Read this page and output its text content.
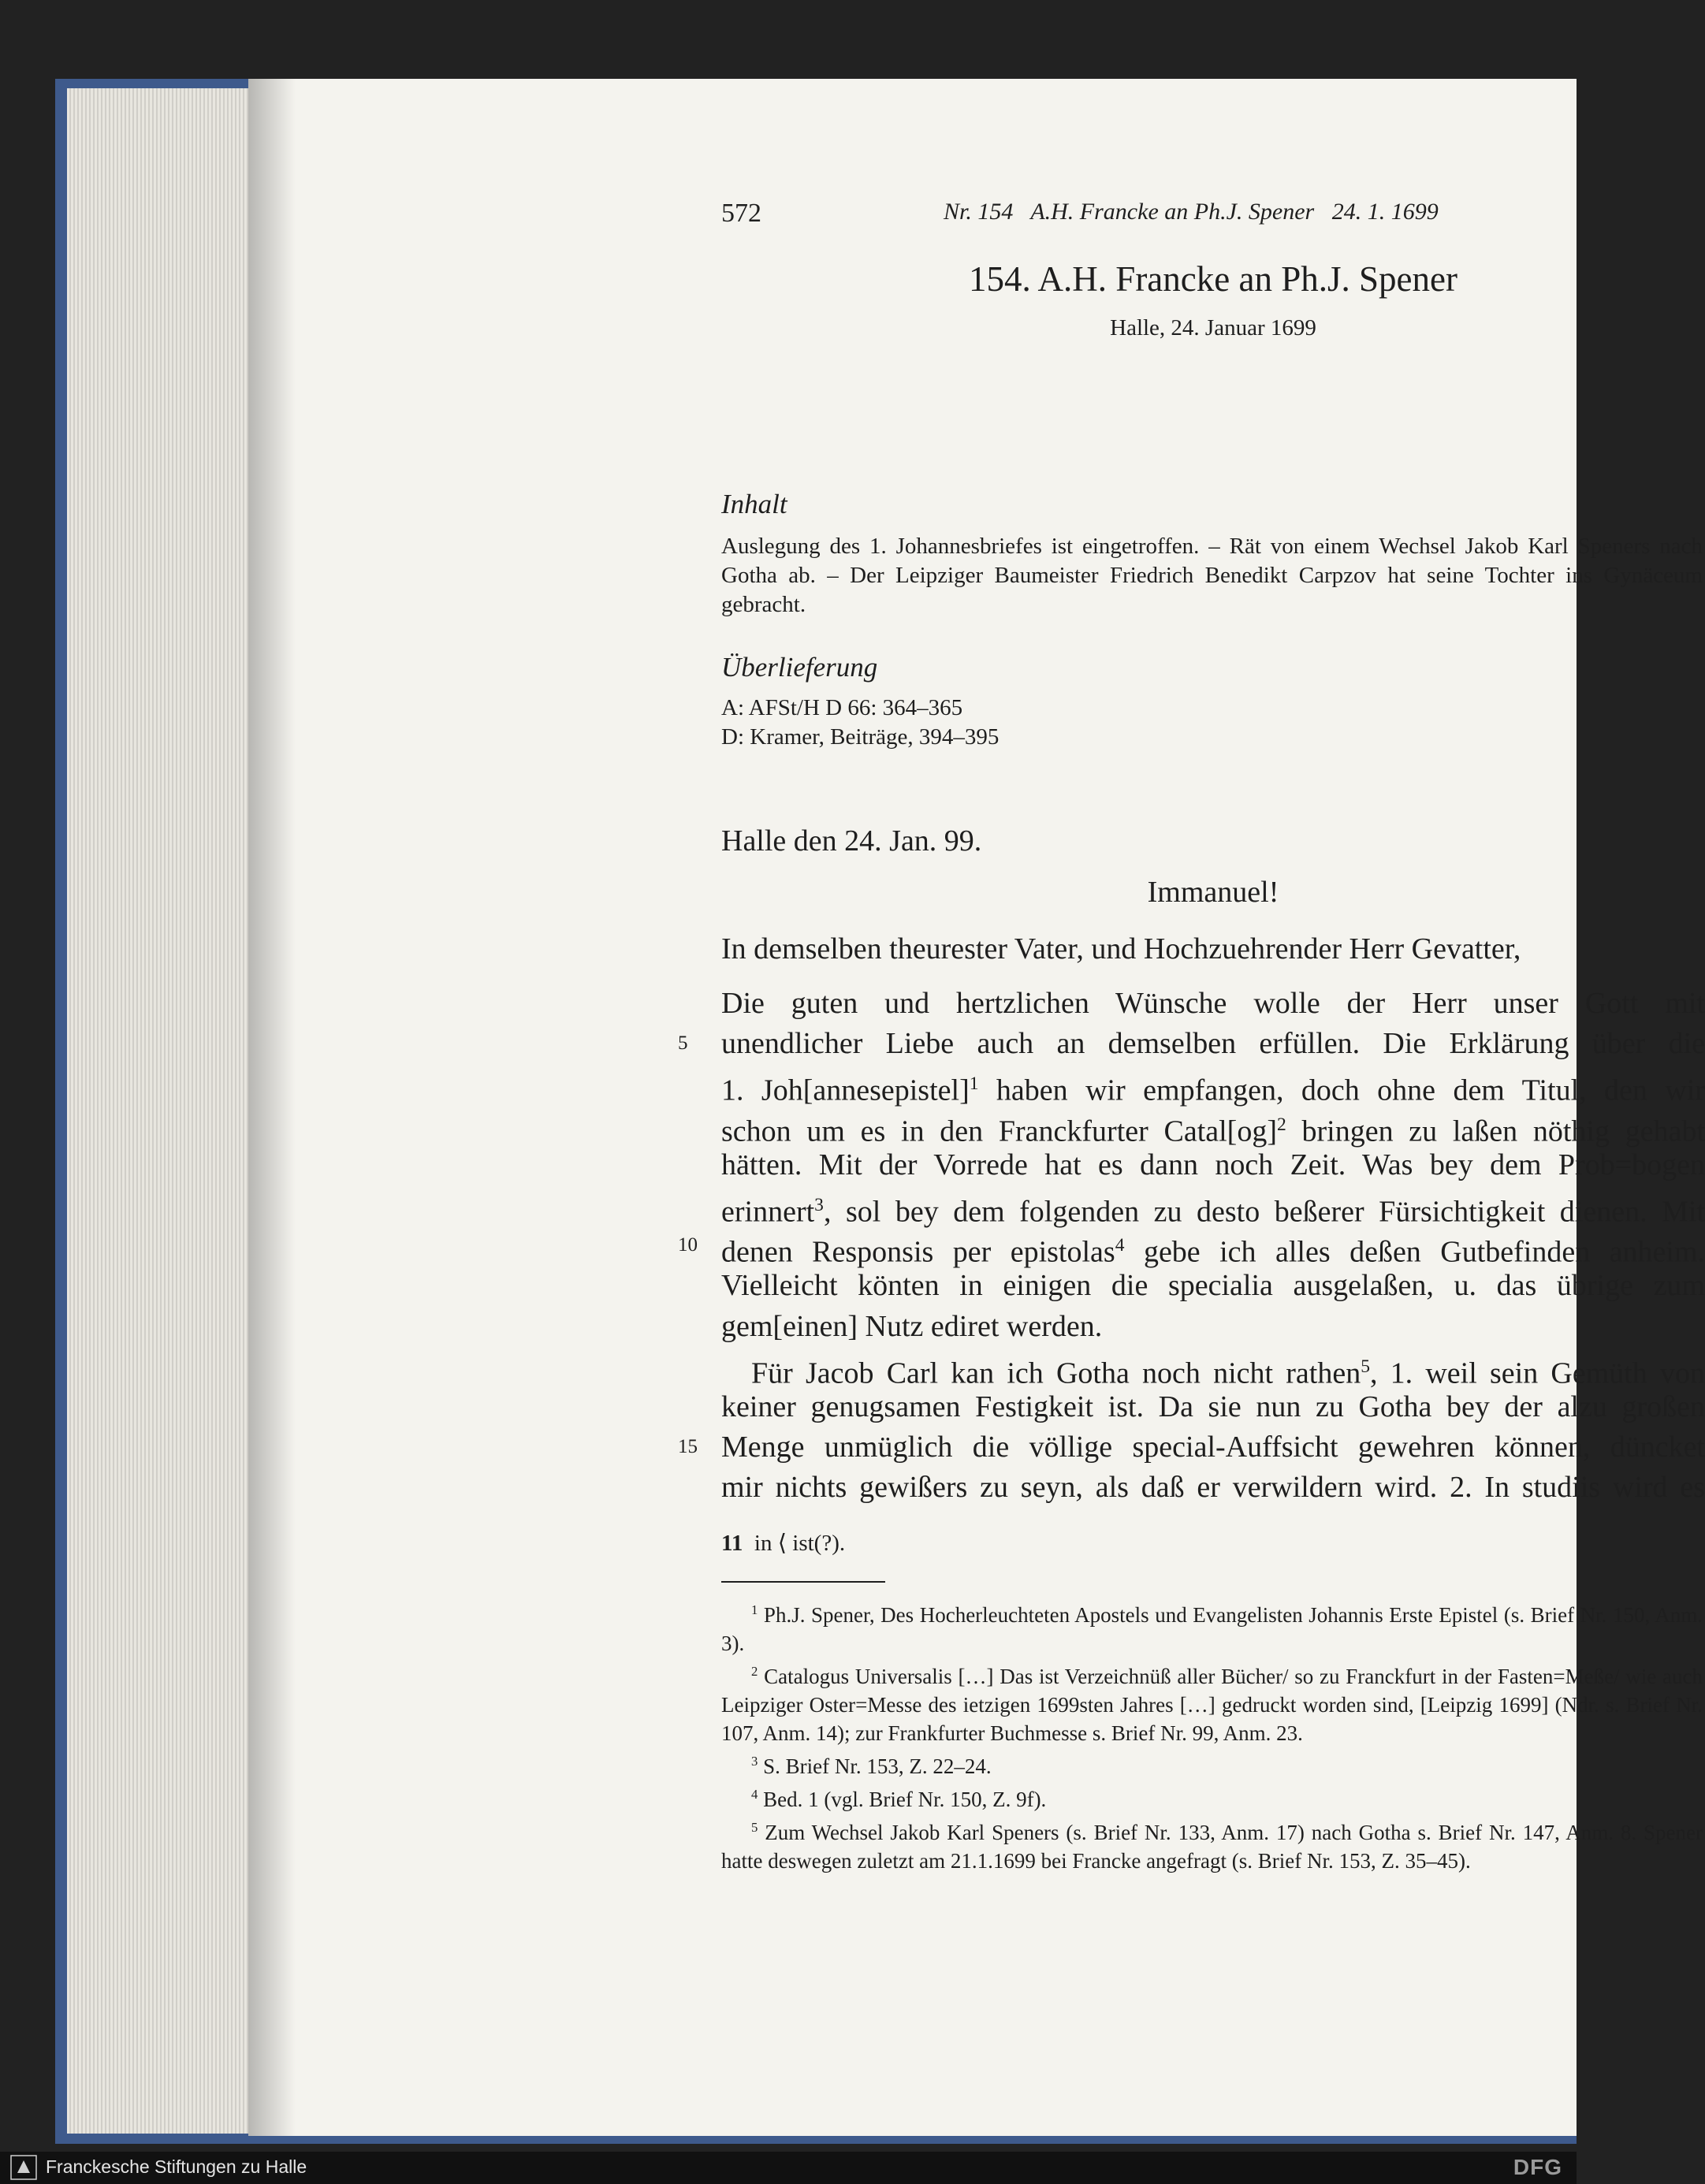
572	Nr. 154   A.H. Francke an Ph.J. Spener   24. 1. 1699
154. A.H. Francke an Ph.J. Spener
Halle, 24. Januar 1699
Inhalt
Auslegung des 1. Johannesbriefes ist eingetroffen. – Rät von einem Wechsel Jakob Karl Speners nach Gotha ab. – Der Leipziger Baumeister Friedrich Benedikt Carpzov hat seine Tochter ins Gynäceum gebracht.
Überlieferung
A: AFSt/H D 66: 364–365
D: Kramer, Beiträge, 394–395
Halle den 24. Jan. 99.
Immanuel!
In demselben theurester Vater, und Hochzuehrender Herr Gevatter,
Die guten und hertzlichen Wünsche wolle der Herr unser Gott mit
5	unendlicher Liebe auch an demselben erfüllen. Die Erklärung über die
1. Joh[annesepistel]$^1$ haben wir empfangen, doch ohne dem Titul, den wir
schon um es in den Franckfurter Catal[og]$^2$ bringen zu laßen nöthig gehabt
hätten. Mit der Vorrede hat es dann noch Zeit. Was bey dem Prob=bogen
erinnert$^3$, sol bey dem folgenden zu desto beßerer Fürsichtigkeit dienen. Mit
10 denen Responsis per epistolas$^4$ gebe ich alles deßen Gutbefinden anheim.
Vielleicht könten in einigen die specialia ausgelaßen, u. das übrige zum
gem[einen] Nutz ediret werden.
Für Jacob Carl kan ich Gotha noch nicht rathen$^5$, 1. weil sein Gemüth von
keiner genugsamen Festigkeit ist. Da sie nun zu Gotha bey der alzu großen
15 Menge unmüglich die völlige special-Auffsicht gewehren können, düncket
mir nichts gewißers zu seyn, als daß er verwildern wird. 2. In studiis wird es
11 in ⟨ ist(?).
$^1$ Ph.J. Spener, Des Hocherleuchteten Apostels und Evangelisten Johannis Erste Epistel (s. Brief Nr. 150, Anm. 3).
$^2$ Catalogus Universalis […] Das ist Verzeichnüß aller Bücher/ so zu Franckfurt in der Fasten=Meße/ wie auch Leipziger Oster=Messe des ietzigen 1699sten Jahres […] gedruckt worden sind, [Leipzig 1699] (Ndr. s. Brief Nr. 107, Anm. 14); zur Frankfurter Buchmesse s. Brief Nr. 99, Anm. 23.
$^3$ S. Brief Nr. 153, Z. 22–24.
$^4$ Bed. 1 (vgl. Brief Nr. 150, Z. 9f).
$^5$ Zum Wechsel Jakob Karl Speners (s. Brief Nr. 133, Anm. 17) nach Gotha s. Brief Nr. 147, Anm. 8. Spener hatte deswegen zuletzt am 21.1.1699 bei Francke angefragt (s. Brief Nr. 153, Z. 35–45).
Franckesche Stiftungen zu Halle	DFG
